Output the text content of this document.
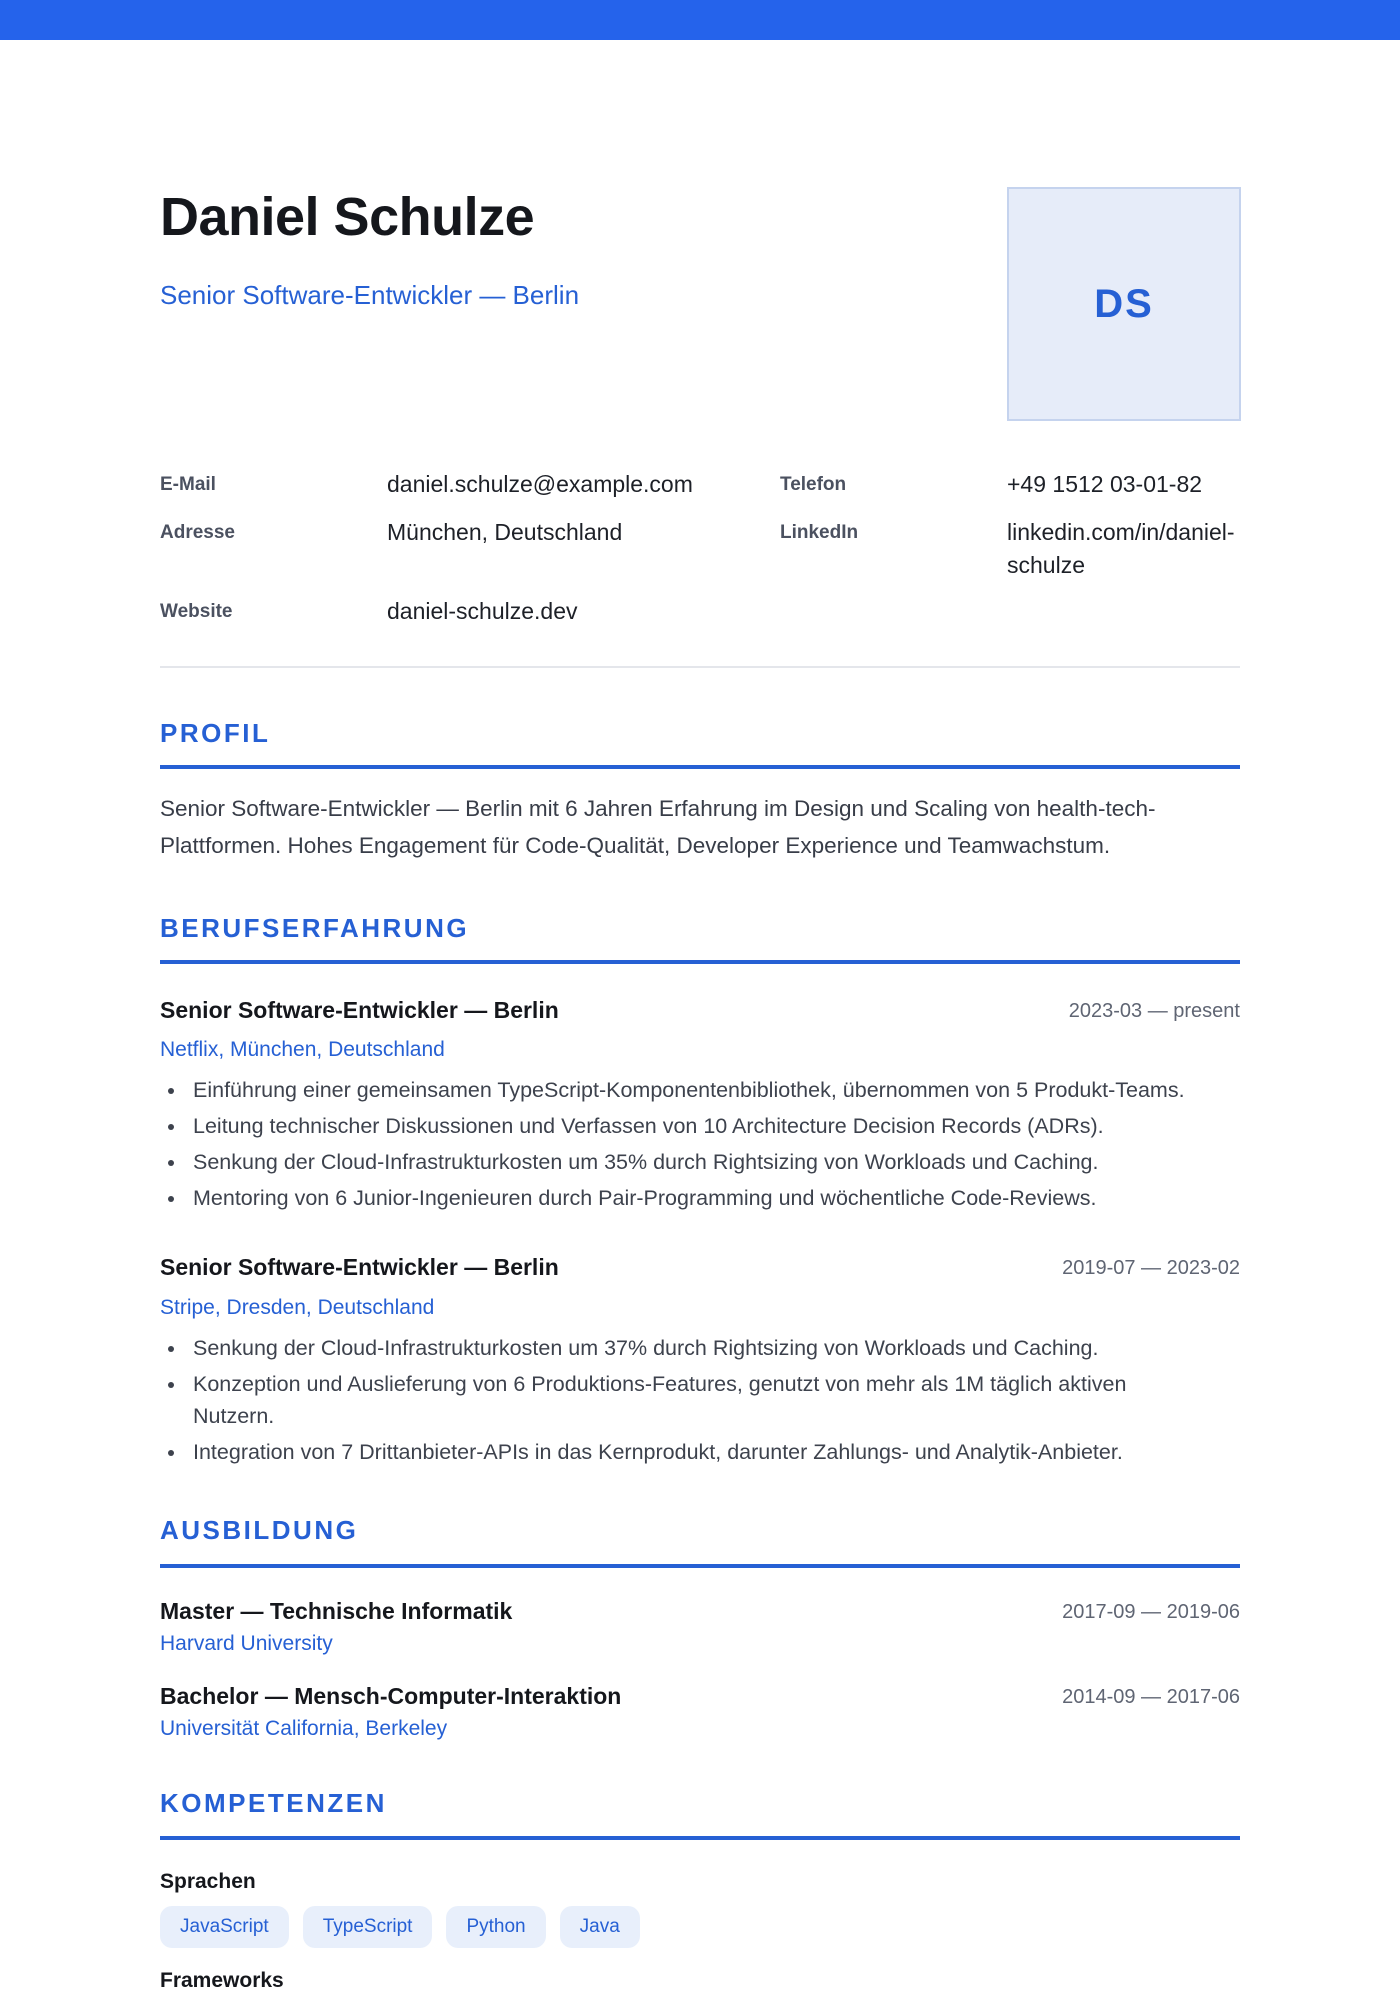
Daniel Schulze
Senior Software-Entwickler — Berlin	DS
E-Mail	daniel.schulze@example.com	Telefon	+49 1512 03-01-82
Adresse	München, Deutschland	LinkedIn	linkedin.com/in/daniel-
schulze
Website	daniel-schulze.dev
PROFIL
Senior Software-Entwickler — Berlin mit 6 Jahren Erfahrung im Design und Scaling von health-tech-Plattformen. Hohes Engagement für Code-Qualität, Developer Experience und Teamwachstum.
BERUFSERFAHRUNG
Senior Software-Entwickler — Berlin	2023-03 — present
Netflix, München, Deutschland
Einführung einer gemeinsamen TypeScript-Komponentenbibliothek, übernommen von 5 Produkt-Teams.
Leitung technischer Diskussionen und Verfassen von 10 Architecture Decision Records (ADRs).
Senkung der Cloud-Infrastrukturkosten um 35% durch Rightsizing von Workloads und Caching.
Mentoring von 6 Junior-Ingenieuren durch Pair-Programming und wöchentliche Code-Reviews.
Senior Software-Entwickler — Berlin	2019-07 — 2023-02
Stripe, Dresden, Deutschland
Senkung der Cloud-Infrastrukturkosten um 37% durch Rightsizing von Workloads und Caching.
Konzeption und Auslieferung von 6 Produktions-Features, genutzt von mehr als 1M täglich aktiven Nutzern.
Integration von 7 Drittanbieter-APIs in das Kernprodukt, darunter Zahlungs- und Analytik-Anbieter.
AUSBILDUNG
Master — Technische Informatik	2017-09 — 2019-06
Harvard University
Bachelor — Mensch-Computer-Interaktion	2014-09 — 2017-06
Universität California, Berkeley
KOMPETENZEN
Sprachen
JavaScript	TypeScript	Python	Java
Frameworks
